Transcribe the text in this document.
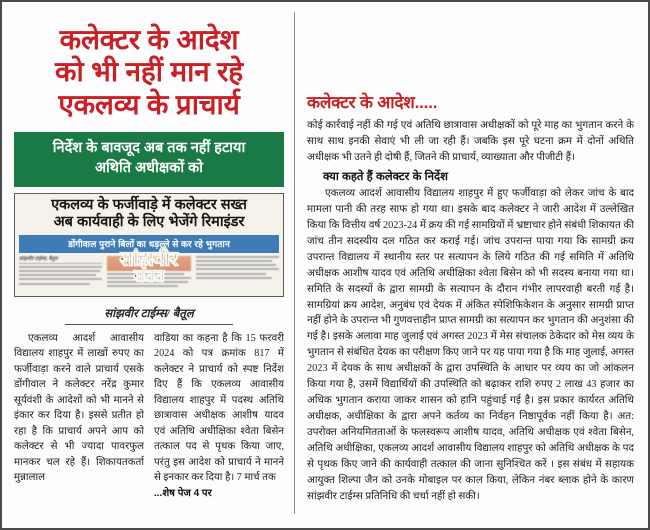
कलेक्टर के आदेश
को भी नहीं मान रहे
एकलव्य के प्राचार्य
निर्देश के बावजूद अब तक नहीं हटाया
अथिति अधीक्षकों को
एकलव्य के फर्जीवाड़े में कलेक्टर सख्त
अब कार्यवाही के लिए भेजेंगे रिमाइंडर
डोंगीवाल पुराने बिलों का धड़ल्ले से कर रहे भुगतान
सांझवीर टाईम्स, बैतूल	सांझवीर
सतत
सांझवीर टाईम्स/ बैतूल

एकलव्य आदर्श आवासीय विद्यालय शाहपुर में लाखों रुपए का फर्जीवाड़ा करने वाले प्राचार्य एसके डोंगीवाल ने कलेक्टर नरेंद्र कुमार सूर्यवंशी के आदेशों को भी मानने से इंकार कर दिया है। इससे प्रतीत हो रहा है कि प्राचार्य अपने आप को कलेक्टर से भी ज्यादा पावरफुल मानकर चल रहे हैं। शिकायतकर्ता मुन्नालाल

वाडिया का कहना है कि 15 फरवरी 2024 को पत्र क्रमांक 817 में कलेक्टर ने प्राचार्य को स्पष्ट निर्देश दिए हैं कि एकलव्य आवासीय विद्यालय शाहपुर में पदस्थ अतिथि छात्रावास अधीक्षक आशीष यादव एवं अतिथि अधीक्षिका श्वेता बिसेन तत्काल पद से पृथक किया जाए, परंतु इस आदेश को प्राचार्य ने मानने से इनकार कर दिया है। 7 मार्च तक

...शेष पेज 4 पर
कलेक्टर के आदेश.....

कोई कार्रवाई नहीं की गई एवं अतिथि छात्रावास अधीक्षकों को पूरे माह का भुगतान करने के साथ साथ इनकी सेवाएं भी ली जा रही हैं। जबकि इस पूरे घटना क्रम में दोनों अथिति अधीक्षक भी उतने ही दोषी हैं, जितने की प्राचार्य, व्याख्याता और पीजीटी हैं।

क्या कहते हैं कलेक्टर के निर्देश

एकलव्य आदर्श आवासीय विद्यालय शाहपुर में हुए फर्जीवाड़ा को लेकर जांच के बाद मामला पानी की तरह साफ हो गया था। इसके बाद कलेक्टर ने जारी आदेश में उल्लेखित किया कि वित्तीय वर्ष 2023-24 में क्रय की गई सामग्रियों में भ्रष्टाचार होने संबंधी शिकायत की जांच तीन सदस्यीय दल गठित कर कराई गई। जांच उपरान्त पाया गया कि सामग्री क्रय उपरान्त विद्यालय में स्थानीय स्तर पर सत्यापन के लिये गठित की गई समिति में अतिथि अधीक्षक आशीष यादव एवं अतिथि अधीक्षिका श्वेता बिसेन को भी सदस्य बनाया गया था। समिति के सदस्यों के द्वारा सामग्री के सत्यापन के दौरान गंभीर लापरवाही बरती गई है। सामग्रियां क्रय आदेश, अनुबंध एवं देयक में अंकित स्पेशिफिकेशन के अनुसार सामग्री प्राप्त नहीं होने के उपरान्त भी गुणवत्ताहीन प्राप्त सामग्री का सत्यापन कर भुगतान की अनुशंसा की गई है। इसके अलावा माह जुलाई एवं अगस्त 2023 में मेस संचालक ठेकेदार को मेस व्यय के भुगतान से संबंधित देयक का परीक्षण किए जाने पर यह पाया गया है कि माह जुलाई, अगस्त 2023 में देयक के साथ अधीक्षकों के द्वारा उपस्थिति के आधार पर व्यय का जो आंकलन किया गया है, उसमें विद्यार्थियों की उपस्थिति को बढ़ाकर राशि रुपए 2 लाख 43 हजार का अधिक भुगतान कराया जाकर शासन को हानि पहुंचाई गई है। इस प्रकार कार्यरत अतिथि अधीक्षक, अधीक्षिका के द्वारा अपने कर्तव्य का निर्वहन निष्ठापूर्वक नहीं किया है। अत: उपरोक्त अनियमितताओं के फलस्वरूप आशीष यादव, अतिथि अधीक्षक एवं श्वेता बिसेन, अतिथि अधीक्षिका, एकलव्य आदर्श आवासीय विद्यालय शाहपुर को अतिथि अधीक्षक के पद से पृथक किए जाने की कार्यवाही तत्काल की जाना सुनिश्चित करें । इस संबंध में सहायक आयुक्त शिल्पा जैन को उनके मोबाइल पर काल किया, लेकिन नंबर ब्लाक होने के कारण सांझवीर टाईम्स प्रतिनिधि की चर्चा नहीं हो सकी।
